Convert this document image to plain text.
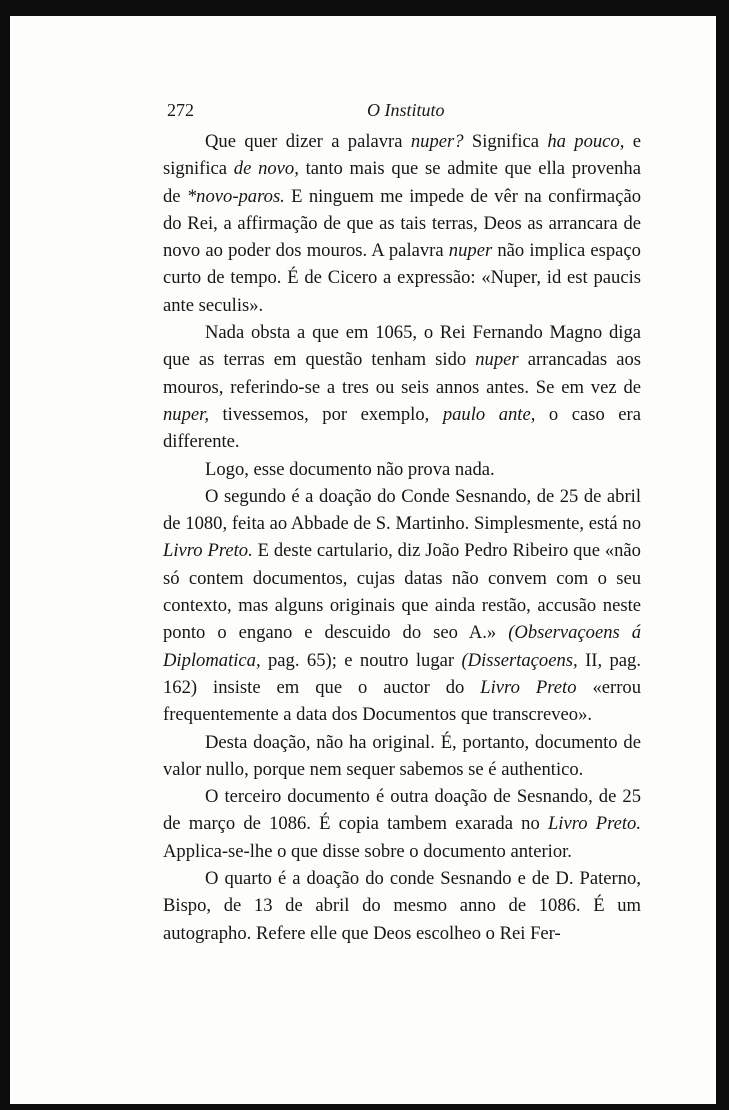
272	O Instituto

Que quer dizer a palavra nuper? Significa ha pouco, e significa de novo, tanto mais que se admite que ella provenha de *novo-paros. E ninguem me impede de vêr na confirmação do Rei, a affirmação de que as tais terras, Deos as arrancara de novo ao poder dos mouros. A palavra nuper não implica espaço curto de tempo. É de Cicero a expressão: «Nuper, id est paucis ante seculis».

Nada obsta a que em 1065, o Rei Fernando Magno diga que as terras em questão tenham sido nuper arrancadas aos mouros, referindo-se a tres ou seis annos antes. Se em vez de nuper, tivessemos, por exemplo, paulo ante, o caso era differente.

Logo, esse documento não prova nada.

O segundo é a doação do Conde Sesnando, de 25 de abril de 1080, feita ao Abbade de S. Martinho. Simplesmente, está no Livro Preto. E deste cartulario, diz João Pedro Ribeiro que «não só contem documentos, cujas datas não convem com o seu contexto, mas alguns originais que ainda restão, accusão neste ponto o engano e descuido do seo A.» (Observaçoens á Diplomatica, pag. 65); e noutro lugar (Dissertaçoens, II, pag. 162) insiste em que o auctor do Livro Preto «errou frequentemente a data dos Documentos que transcreveo».

Desta doação, não ha original. É, portanto, documento de valor nullo, porque nem sequer sabemos se é authentico.

O terceiro documento é outra doação de Sesnando, de 25 de março de 1086. É copia tambem exarada no Livro Preto. Applica-se-lhe o que disse sobre o documento anterior.

O quarto é a doação do conde Sesnando e de D. Paterno, Bispo, de 13 de abril do mesmo anno de 1086. É um autographo. Refere elle que Deos escolheo o Rei Fer-
